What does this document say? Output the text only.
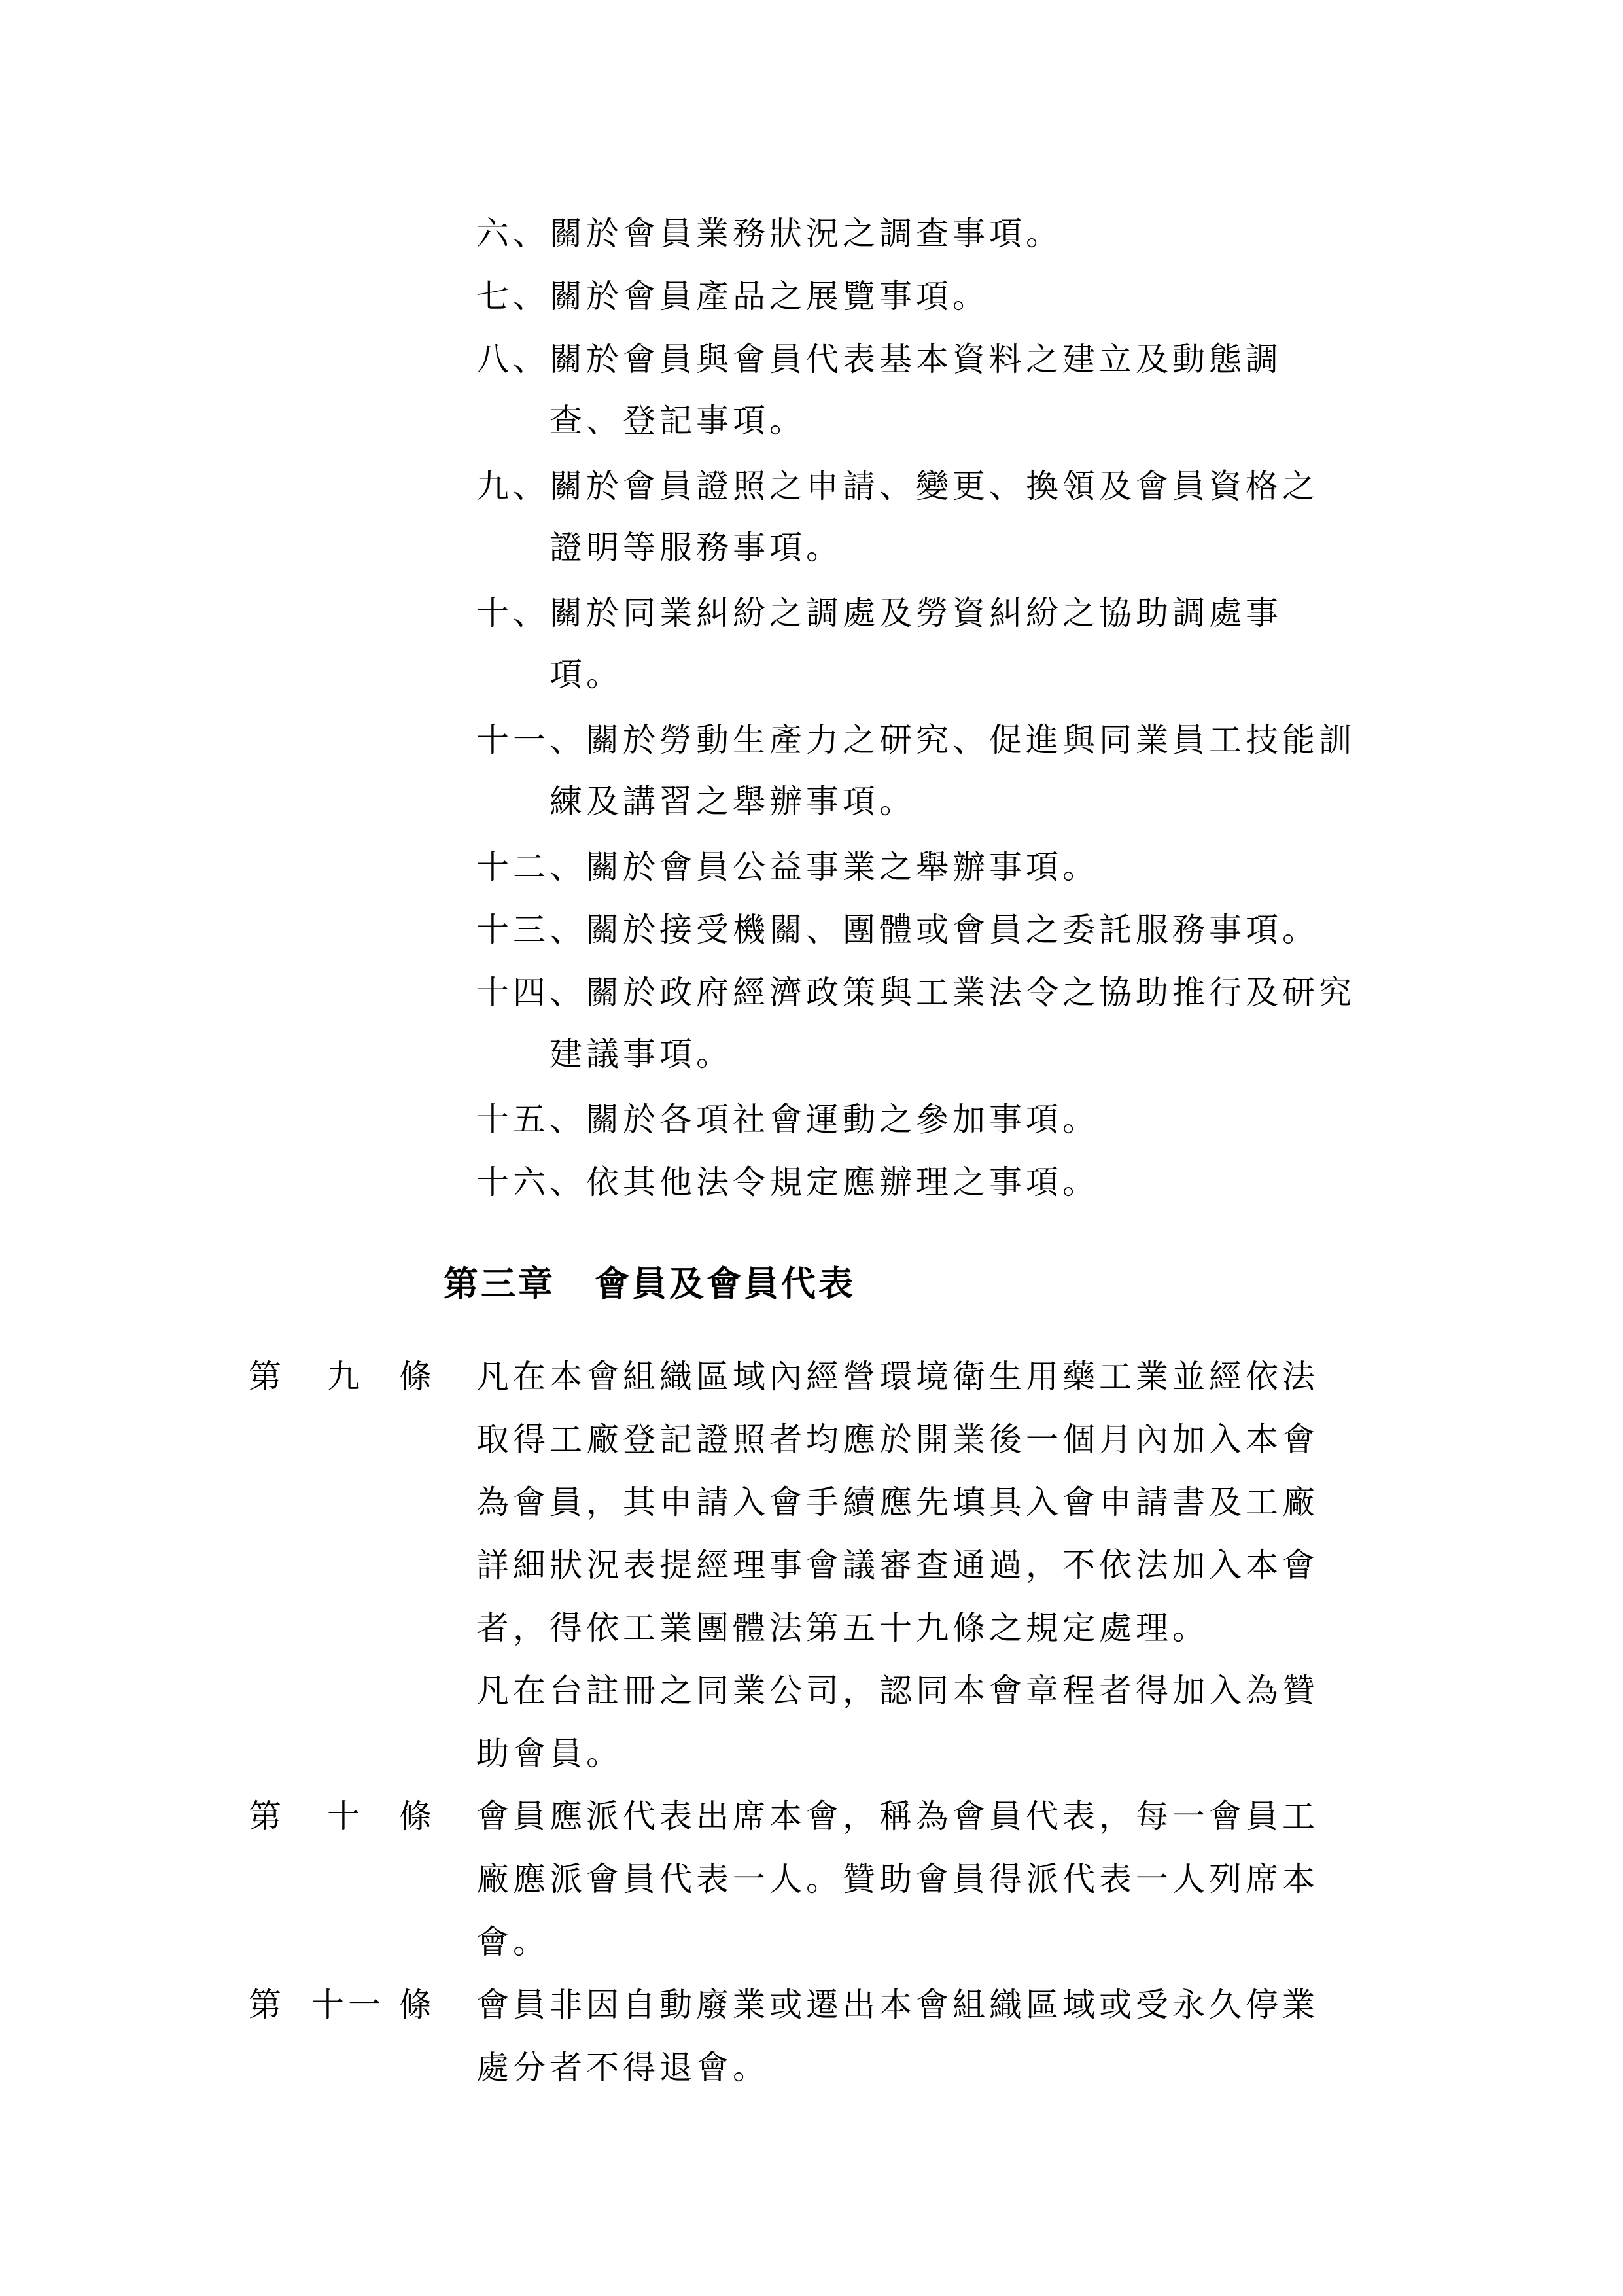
六、關於會員業務狀況之調查事項。
七、關於會員產品之展覽事項。
八、關於會員與會員代表基本資料之建立及動態調
查、登記事項。
九、關於會員證照之申請、變更、換領及會員資格之
證明等服務事項。
十、關於同業糾紛之調處及勞資糾紛之協助調處事
項。
十一、關於勞動生產力之研究、促進與同業員工技能訓
練及講習之舉辦事項。
十二、關於會員公益事業之舉辦事項。
十三、關於接受機關、團體或會員之委託服務事項。
十四、關於政府經濟政策與工業法令之協助推行及研究
建議事項。
十五、關於各項社會運動之參加事項。
十六、依其他法令規定應辦理之事項。
第三章 會員及會員代表
第 九 條 凡在本會組織區域內經營環境衛生用藥工業並經依法

取得工廠登記證照者均應於開業後一個月內加入本會

為會員，其申請入會手續應先填具入會申請書及工廠

詳細狀況表提經理事會議審查通過，不依法加入本會

者，得依工業團體法第五十九條之規定處理。

凡在台註冊之同業公司，認同本會章程者得加入為贊

助會員。

第 十 條 會員應派代表出席本會，稱為會員代表，每一會員工

廠應派會員代表一人。贊助會員得派代表一人列席本

會。

第 十一 條 會員非因自動廢業或遷出本會組織區域或受永久停業

處分者不得退會。
